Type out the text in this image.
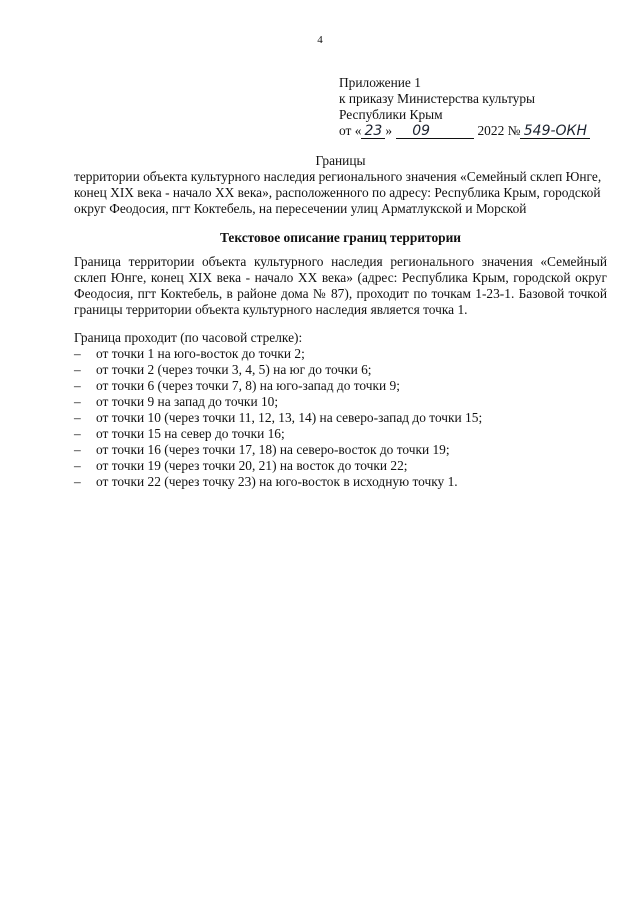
4
Приложение 1
к приказу Министерства культуры
Республики Крым
от « 23 » 09	2022 № 549-ОКН
Границы
территории объекта культурного наследия регионального значения «Семейный склеп Юнге, конец XIX века - начало XX века», расположенного по адресу: Республика Крым, городской округ Феодосия, пгт Коктебель, на пересечении улиц Арматлукской и Морской
Текстовое описание границ территории
Граница территории объекта культурного наследия регионального значения «Семейный склеп Юнге, конец XIX века - начало XX века» (адрес: Республика Крым, городской округ Феодосия, пгт Коктебель, в районе дома № 87), проходит по точкам 1-23-1. Базовой точкой границы территории объекта культурного наследия является точка 1.
Граница проходит (по часовой стрелке):
– от точки 1 на юго-восток до точки 2;
– от точки 2 (через точки 3, 4, 5) на юг до точки 6;
– от точки 6 (через точки 7, 8) на юго-запад до точки 9;
– от точки 9 на запад до точки 10;
– от точки 10 (через точки 11, 12, 13, 14) на северо-запад до точки 15;
– от точки 15 на север до точки 16;
– от точки 16 (через точки 17, 18) на северо-восток до точки 19;
– от точки 19 (через точки 20, 21) на восток до точки 22;
– от точки 22 (через точку 23) на юго-восток в исходную точку 1.
